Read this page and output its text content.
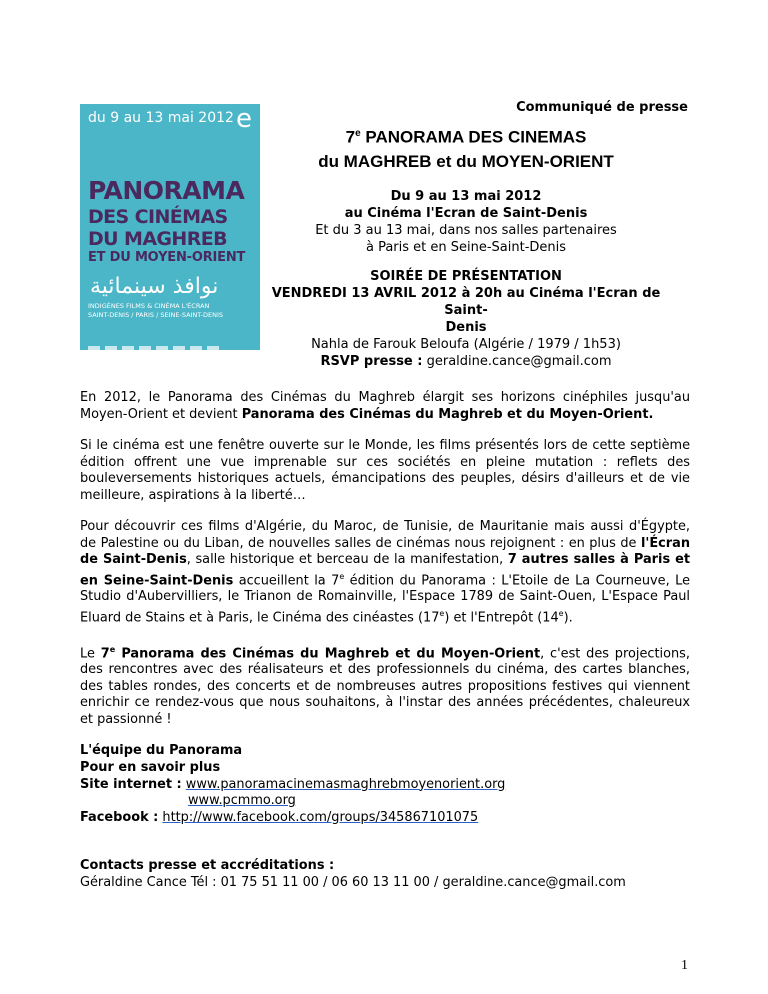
Communiqué de presse
du 9 au 13 mai 2012 e
PANORAMA
DES CINÉMAS
DU MAGHREB
ET DU MOYEN-ORIENT
نوافذ سينمائية
INDIGÈNES FILMS & CINÉMA L'ÉCRAN
SAINT-DENIS / PARIS / SEINE-SAINT-DENIS
7e PANORAMA DES CINEMAS
du MAGHREB et du MOYEN-ORIENT
Du 9 au 13 mai 2012
au Cinéma l'Ecran de Saint-Denis
Et du 3 au 13 mai, dans nos salles partenaires
à Paris et en Seine-Saint-Denis
SOIRÉE DE PRÉSENTATION
VENDREDI 13 AVRIL 2012 à 20h au Cinéma l'Ecran de Saint-
Denis
Nahla de Farouk Beloufa (Algérie / 1979 / 1h53)
RSVP presse : geraldine.cance@gmail.com

En 2012, le Panorama des Cinémas du Maghreb élargit ses horizons cinéphiles jusqu'au Moyen-Orient et devient Panorama des Cinémas du Maghreb et du Moyen-Orient.

Si le cinéma est une fenêtre ouverte sur le Monde, les films présentés lors de cette septième édition offrent une vue imprenable sur ces sociétés en pleine mutation : reflets des bouleversements historiques actuels, émancipations des peuples, désirs d'ailleurs et de vie meilleure, aspirations à la liberté…

Pour découvrir ces films d'Algérie, du Maroc, de Tunisie, de Mauritanie mais aussi d'Égypte, de Palestine ou du Liban, de nouvelles salles de cinémas nous rejoignent : en plus de l'Écran de Saint-Denis, salle historique et berceau de la manifestation, 7 autres salles à Paris et en Seine-Saint-Denis accueillent la 7e édition du Panorama : L'Etoile de La Courneuve, Le Studio d'Aubervilliers, le Trianon de Romainville, l'Espace 1789 de Saint-Ouen, L'Espace Paul Eluard de Stains et à Paris, le Cinéma des cinéastes (17e) et l'Entrepôt (14e).

Le 7e Panorama des Cinémas du Maghreb et du Moyen-Orient, c'est des projections, des rencontres avec des réalisateurs et des professionnels du cinéma, des cartes blanches, des tables rondes, des concerts et de nombreuses autres propositions festives qui viennent enrichir ce rendez-vous que nous souhaitons, à l'instar des années précédentes, chaleureux et passionné !

L'équipe du Panorama

Pour en savoir plus
Site internet : www.panoramacinemasmaghrebmoyenorient.org
www.pcmmo.org
Facebook : http://www.facebook.com/groups/345867101075
Contacts presse et accréditations :
Géraldine Cance Tél : 01 75 51 11 00 / 06 60 13 11 00 / geraldine.cance@gmail.com
1
